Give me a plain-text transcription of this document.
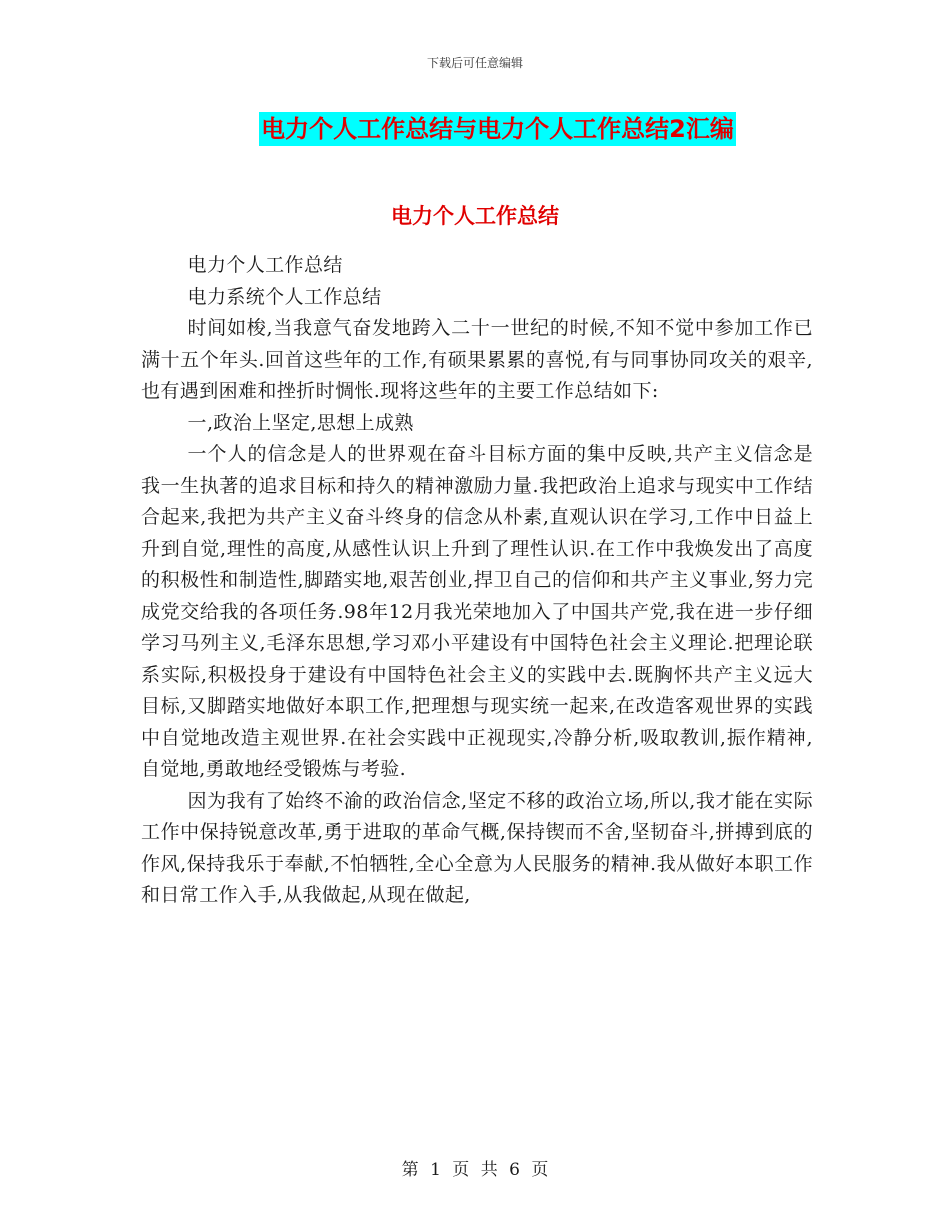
下载后可任意编辑
电力个人工作总结与电力个人工作总结2汇编
电力个人工作总结

电力个人工作总结

电力系统个人工作总结

时间如梭,当我意气奋发地跨入二十一世纪的时候,不知不觉中参加工作已满十五个年头.回首这些年的工作,有硕果累累的喜悦,有与同事协同攻关的艰辛,也有遇到困难和挫折时惆怅.现将这些年的主要工作总结如下:

一,政治上坚定,思想上成熟

一个人的信念是人的世界观在奋斗目标方面的集中反映,共产主义信念是我一生执著的追求目标和持久的精神激励力量.我把政治上追求与现实中工作结合起来,我把为共产主义奋斗终身的信念从朴素,直观认识在学习,工作中日益上升到自觉,理性的高度,从感性认识上升到了理性认识.在工作中我焕发出了高度的积极性和制造性,脚踏实地,艰苦创业,捍卫自己的信仰和共产主义事业,努力完成党交给我的各项任务.98年12月我光荣地加入了中国共产党,我在进一步仔细学习马列主义,毛泽东思想,学习邓小平建设有中国特色社会主义理论.把理论联系实际,积极投身于建设有中国特色社会主义的实践中去.既胸怀共产主义远大目标,又脚踏实地做好本职工作,把理想与现实统一起来,在改造客观世界的实践中自觉地改造主观世界.在社会实践中正视现实,冷静分析,吸取教训,振作精神,自觉地,勇敢地经受锻炼与考验.

因为我有了始终不渝的政治信念,坚定不移的政治立场,所以,我才能在实际工作中保持锐意改革,勇于进取的革命气概,保持锲而不舍,坚韧奋斗,拼搏到底的作风,保持我乐于奉献,不怕牺牲,全心全意为人民服务的精神.我从做好本职工作和日常工作入手,从我做起,从现在做起,

第 1 页 共 6 页
